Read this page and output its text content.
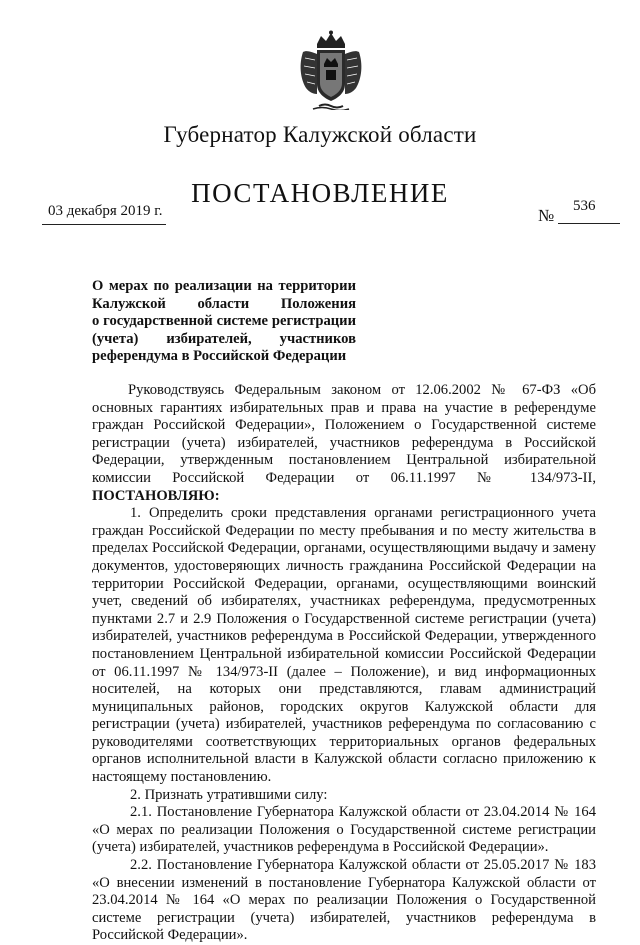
Губернатор Калужской области
ПОСТАНОВЛЕНИЕ
03 декабря 2019 г.	№ 536
О мерах по реализации на территории
Калужской области Положения
о государственной системе регистрации
(учета) избирателей, участников
референдума в Российской Федерации

Руководствуясь Федеральным законом от 12.06.2002 № 67-ФЗ «Об основных гарантиях избирательных прав и права на участие в референдуме граждан Российской Федерации», Положением о Государственной системе регистрации (учета) избирателей, участников референдума в Российской Федерации, утвержденным постановлением Центральной избирательной комиссии Российской Федерации от 06.11.1997 № 134/973-II, ПОСТАНОВЛЯЮ:

1. Определить сроки представления органами регистрационного учета граждан Российской Федерации по месту пребывания и по месту жительства в пределах Российской Федерации, органами, осуществляющими выдачу и замену документов, удостоверяющих личность гражданина Российской Федерации на территории Российской Федерации, органами, осуществляющими воинский учет, сведений об избирателях, участниках референдума, предусмотренных пунктами 2.7 и 2.9 Положения о Государственной системе регистрации (учета) избирателей, участников референдума в Российской Федерации, утвержденного постановлением Центральной избирательной комиссии Российской Федерации от 06.11.1997 № 134/973-II (далее – Положение), и вид информационных носителей, на которых они представляются, главам администраций муниципальных районов, городских округов Калужской области для регистрации (учета) избирателей, участников референдума по согласованию с руководителями соответствующих территориальных органов федеральных органов исполнительной власти в Калужской области согласно приложению к настоящему постановлению.

2. Признать утратившими силу:

2.1. Постановление Губернатора Калужской области от 23.04.2014 № 164 «О мерах по реализации Положения о Государственной системе регистрации (учета) избирателей, участников референдума в Российской Федерации».

2.2. Постановление Губернатора Калужской области от 25.05.2017 № 183 «О внесении изменений в постановление Губернатора Калужской области от 23.04.2014 № 164 «О мерах по реализации Положения о Государственной системе регистрации (учета) избирателей, участников референдума в Российской Федерации».
